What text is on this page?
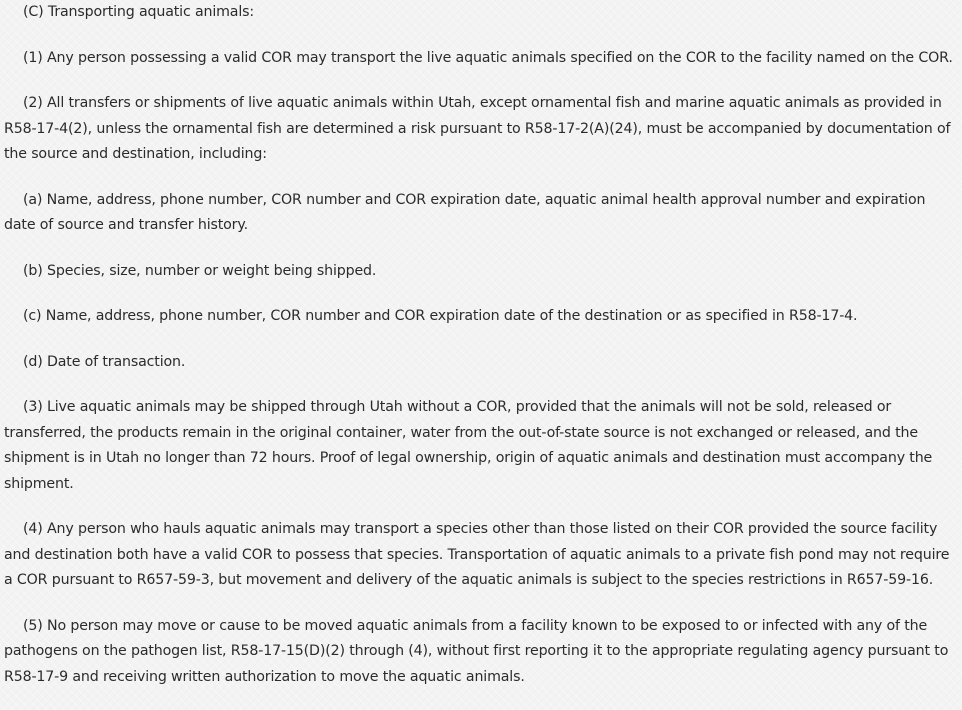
(C) Transporting aquatic animals:

(1) Any person possessing a valid COR may transport the live aquatic animals specified on the COR to the facility named on the COR.

(2) All transfers or shipments of live aquatic animals within Utah, except ornamental fish and marine aquatic animals as provided in R58-17-4(2), unless the ornamental fish are determined a risk pursuant to R58-17-2(A)(24), must be accompanied by documentation of the source and destination, including:

(a) Name, address, phone number, COR number and COR expiration date, aquatic animal health approval number and expiration date of source and transfer history.

(b) Species, size, number or weight being shipped.

(c) Name, address, phone number, COR number and COR expiration date of the destination or as specified in R58-17-4.

(d) Date of transaction.

(3) Live aquatic animals may be shipped through Utah without a COR, provided that the animals will not be sold, released or transferred, the products remain in the original container, water from the out-of-state source is not exchanged or released, and the shipment is in Utah no longer than 72 hours. Proof of legal ownership, origin of aquatic animals and destination must accompany the shipment.

(4) Any person who hauls aquatic animals may transport a species other than those listed on their COR provided the source facility and destination both have a valid COR to possess that species. Transportation of aquatic animals to a private fish pond may not require a COR pursuant to R657-59-3, but movement and delivery of the aquatic animals is subject to the species restrictions in R657-59-16.

(5) No person may move or cause to be moved aquatic animals from a facility known to be exposed to or infected with any of the pathogens on the pathogen list, R58-17-15(D)(2) through (4), without first reporting it to the appropriate regulating agency pursuant to R58-17-9 and receiving written authorization to move the aquatic animals.
